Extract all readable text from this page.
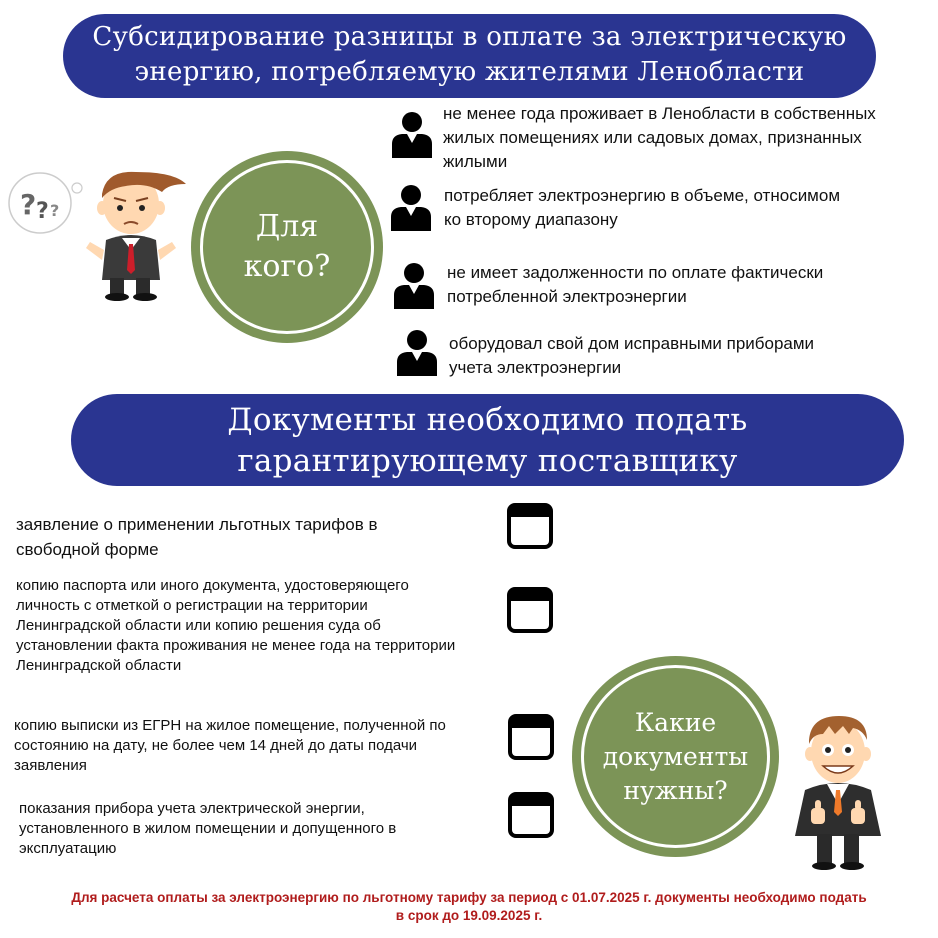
Субсидирование разницы в оплате за электрическую
энергию, потребляемую жителями Ленобласти
? ? ?	Для
кого?
не менее года проживает в Ленобласти в собственных
жилых помещениях или садовых домах, признанных
жилыми
потребляет электроэнергию в объеме, относимом
ко второму диапазону
не имеет задолженности по оплате фактически
потребленной электроэнергии
оборудовал свой дом исправными приборами
учета электроэнергии
Документы необходимо подать
гарантирующему поставщику
заявление о применении льготных тарифов в
свободной форме
копию паспорта или иного документа, удостоверяющего
личность с отметкой о регистрации на территории
Ленинградской области или копию решения суда об
установлении факта проживания не менее года на территории
Ленинградской области
копию выписки из ЕГРН на жилое помещение, полученной по
состоянию на дату, не более чем 14 дней до даты подачи
заявления
показания прибора учета электрической энергии,
установленного в жилом помещении и допущенного в
эксплуатацию
Какие
документы
нужны?
Для расчета оплаты за электроэнергию по льготному тарифу за период с 01.07.2025 г. документы необходимо подать
в срок до 19.09.2025 г.
